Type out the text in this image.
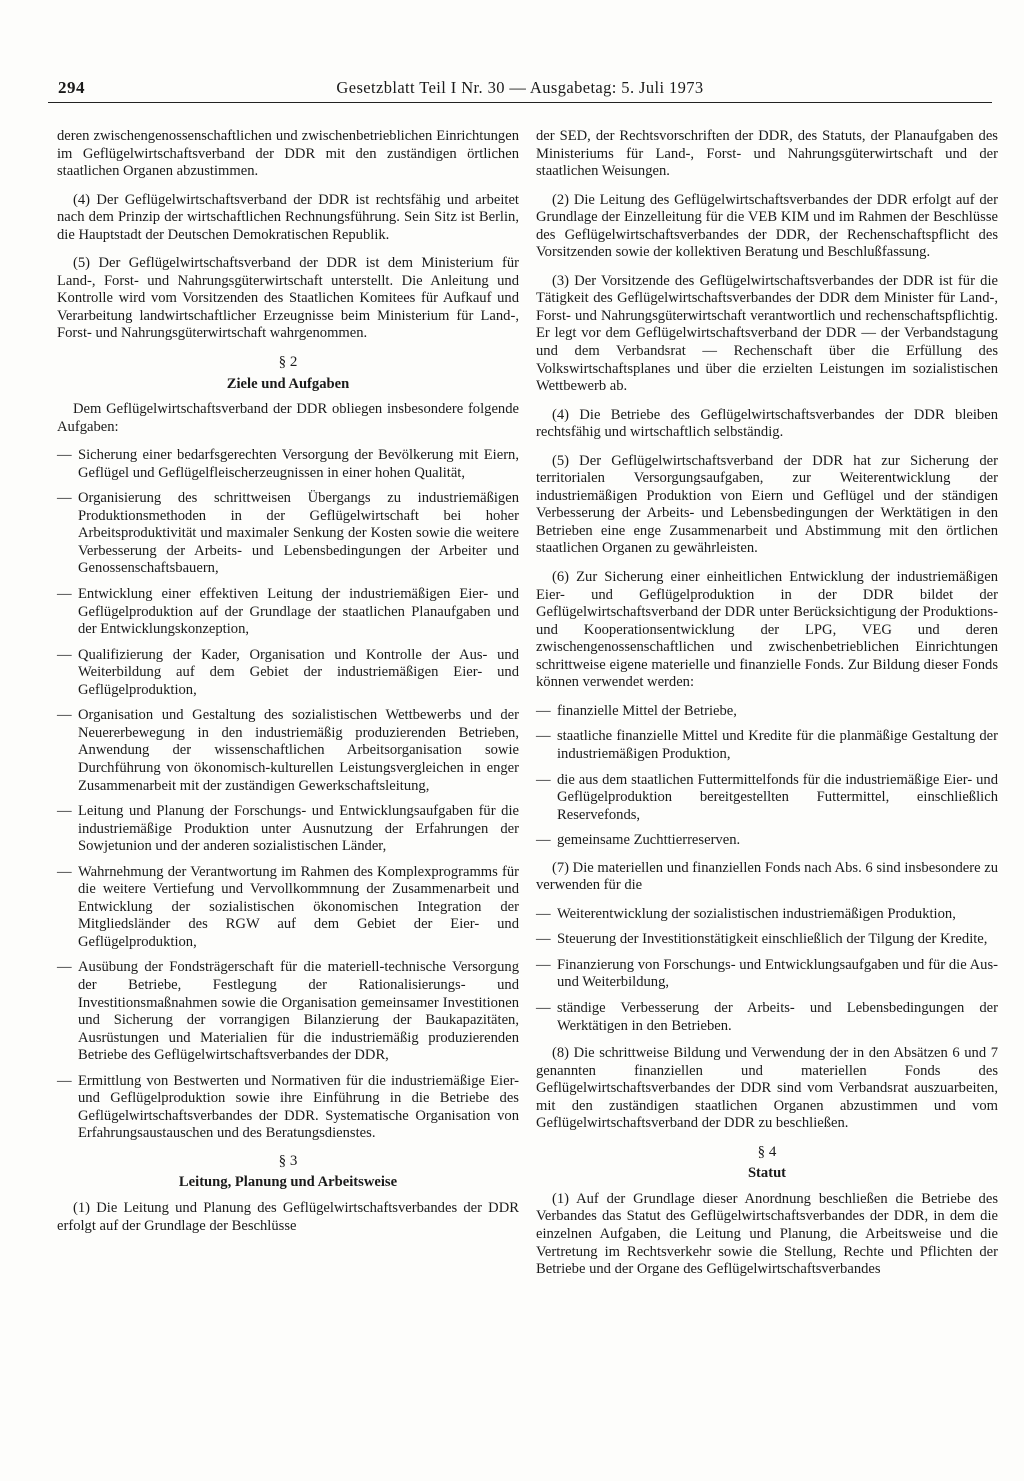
294	Gesetzblatt Teil I Nr. 30 — Ausgabetag: 5. Juli 1973

deren zwischengenossenschaftlichen und zwischenbetrieblichen Einrichtungen im Geflügelwirtschaftsverband der DDR mit den zuständigen örtlichen staatlichen Organen abzustimmen.

(4) Der Geflügelwirtschaftsverband der DDR ist rechtsfähig und arbeitet nach dem Prinzip der wirtschaftlichen Rechnungsführung. Sein Sitz ist Berlin, die Hauptstadt der Deutschen Demokratischen Republik.

(5) Der Geflügelwirtschaftsverband der DDR ist dem Ministerium für Land-, Forst- und Nahrungsgüterwirtschaft unterstellt. Die Anleitung und Kontrolle wird vom Vorsitzenden des Staatlichen Komitees für Aufkauf und Verarbeitung landwirtschaftlicher Erzeugnisse beim Ministerium für Land-, Forst- und Nahrungsgüterwirtschaft wahrgenommen.

§ 2
Ziele und Aufgaben

Dem Geflügelwirtschaftsverband der DDR obliegen insbesondere folgende Aufgaben:

— Sicherung einer bedarfsgerechten Versorgung der Bevölkerung mit Eiern, Geflügel und Geflügelfleischerzeugnissen in einer hohen Qualität,
— Organisierung des schrittweisen Übergangs zu industriemäßigen Produktionsmethoden in der Geflügelwirtschaft bei hoher Arbeitsproduktivität und maximaler Senkung der Kosten sowie die weitere Verbesserung der Arbeits- und Lebensbedingungen der Arbeiter und Genossenschaftsbauern,
— Entwicklung einer effektiven Leitung der industriemäßigen Eier- und Geflügelproduktion auf der Grundlage der staatlichen Planaufgaben und der Entwicklungskonzeption,
— Qualifizierung der Kader, Organisation und Kontrolle der Aus- und Weiterbildung auf dem Gebiet der industriemäßigen Eier- und Geflügelproduktion,
— Organisation und Gestaltung des sozialistischen Wettbewerbs und der Neuererbewegung in den industriemäßig produzierenden Betrieben, Anwendung der wissenschaftlichen Arbeitsorganisation sowie Durchführung von ökonomisch-kulturellen Leistungsvergleichen in enger Zusammenarbeit mit der zuständigen Gewerkschaftsleitung,
— Leitung und Planung der Forschungs- und Entwicklungsaufgaben für die industriemäßige Produktion unter Ausnutzung der Erfahrungen der Sowjetunion und der anderen sozialistischen Länder,
— Wahrnehmung der Verantwortung im Rahmen des Komplexprogramms für die weitere Vertiefung und Vervollkommnung der Zusammenarbeit und Entwicklung der sozialistischen ökonomischen Integration der Mitgliedsländer des RGW auf dem Gebiet der Eier- und Geflügelproduktion,
— Ausübung der Fondsträgerschaft für die materiell-technische Versorgung der Betriebe, Festlegung der Rationalisierungs- und Investitionsmaßnahmen sowie die Organisation gemeinsamer Investitionen und Sicherung der vorrangigen Bilanzierung der Baukapazitäten, Ausrüstungen und Materialien für die industriemäßig produzierenden Betriebe des Geflügelwirtschaftsverbandes der DDR,
— Ermittlung von Bestwerten und Normativen für die industriemäßige Eier- und Geflügelproduktion sowie ihre Einführung in die Betriebe des Geflügelwirtschaftsverbandes der DDR. Systematische Organisation von Erfahrungsaustauschen und des Beratungsdienstes.
§ 3
Leitung, Planung und Arbeitsweise

(1) Die Leitung und Planung des Geflügelwirtschaftsverbandes der DDR erfolgt auf der Grundlage der Beschlüsse

der SED, der Rechtsvorschriften der DDR, des Statuts, der Planaufgaben des Ministeriums für Land-, Forst- und Nahrungsgüterwirtschaft und der staatlichen Weisungen.

(2) Die Leitung des Geflügelwirtschaftsverbandes der DDR erfolgt auf der Grundlage der Einzelleitung für die VEB KIM und im Rahmen der Beschlüsse des Geflügelwirtschaftsverbandes der DDR, der Rechenschaftspflicht des Vorsitzenden sowie der kollektiven Beratung und Beschlußfassung.

(3) Der Vorsitzende des Geflügelwirtschaftsverbandes der DDR ist für die Tätigkeit des Geflügelwirtschaftsverbandes der DDR dem Minister für Land-, Forst- und Nahrungsgüterwirtschaft verantwortlich und rechenschaftspflichtig. Er legt vor dem Geflügelwirtschaftsverband der DDR — der Verbandstagung und dem Verbandsrat — Rechenschaft über die Erfüllung des Volkswirtschaftsplanes und über die erzielten Leistungen im sozialistischen Wettbewerb ab.

(4) Die Betriebe des Geflügelwirtschaftsverbandes der DDR bleiben rechtsfähig und wirtschaftlich selbständig.

(5) Der Geflügelwirtschaftsverband der DDR hat zur Sicherung der territorialen Versorgungsaufgaben, zur Weiterentwicklung der industriemäßigen Produktion von Eiern und Geflügel und der ständigen Verbesserung der Arbeits- und Lebensbedingungen der Werktätigen in den Betrieben eine enge Zusammenarbeit und Abstimmung mit den örtlichen staatlichen Organen zu gewährleisten.

(6) Zur Sicherung einer einheitlichen Entwicklung der industriemäßigen Eier- und Geflügelproduktion in der DDR bildet der Geflügelwirtschaftsverband der DDR unter Berücksichtigung der Produktions- und Kooperationsentwicklung der LPG, VEG und deren zwischengenossenschaftlichen und zwischenbetrieblichen Einrichtungen schrittweise eigene materielle und finanzielle Fonds. Zur Bildung dieser Fonds können verwendet werden:

— finanzielle Mittel der Betriebe,
— staatliche finanzielle Mittel und Kredite für die planmäßige Gestaltung der industriemäßigen Produktion,
— die aus dem staatlichen Futtermittelfonds für die industriemäßige Eier- und Geflügelproduktion bereitgestellten Futtermittel, einschließlich Reservefonds,
— gemeinsame Zuchttierreserven.

(7) Die materiellen und finanziellen Fonds nach Abs. 6 sind insbesondere zu verwenden für die

— Weiterentwicklung der sozialistischen industriemäßigen Produktion,
— Steuerung der Investitionstätigkeit einschließlich der Tilgung der Kredite,
— Finanzierung von Forschungs- und Entwicklungsaufgaben und für die Aus- und Weiterbildung,
— ständige Verbesserung der Arbeits- und Lebensbedingungen der Werktätigen in den Betrieben.

(8) Die schrittweise Bildung und Verwendung der in den Absätzen 6 und 7 genannten finanziellen und materiellen Fonds des Geflügelwirtschaftsverbandes der DDR sind vom Verbandsrat auszuarbeiten, mit den zuständigen staatlichen Organen abzustimmen und vom Geflügelwirtschaftsverband der DDR zu beschließen.

§ 4
Statut

(1) Auf der Grundlage dieser Anordnung beschließen die Betriebe des Verbandes das Statut des Geflügelwirtschaftsverbandes der DDR, in dem die einzelnen Aufgaben, die Leitung und Planung, die Arbeitsweise und die Vertretung im Rechtsverkehr sowie die Stellung, Rechte und Pflichten der Betriebe und der Organe des Geflügelwirtschaftsverbandes
